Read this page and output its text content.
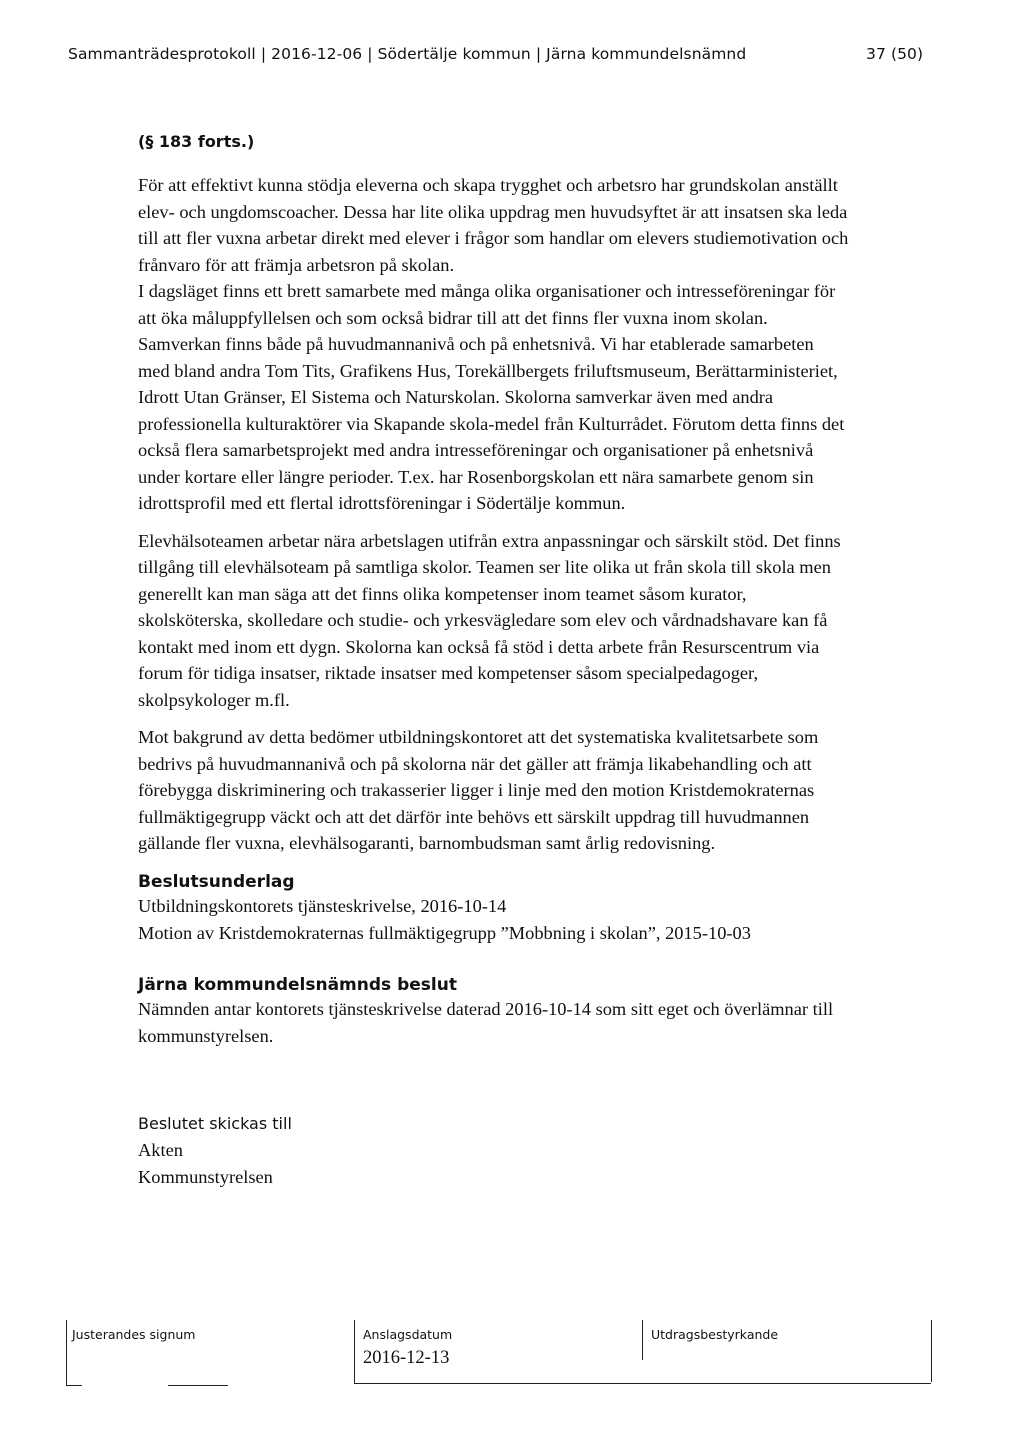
Sammanträdesprotokoll | 2016-12-06 | Södertälje kommun | Järna kommundelsnämnd	37 (50)
(§ 183 forts.)

För att effektivt kunna stödja eleverna och skapa trygghet och arbetsro har grundskolan anställt

elev- och ungdomscoacher. Dessa har lite olika uppdrag men huvudsyftet är att insatsen ska leda

till att fler vuxna arbetar direkt med elever i frågor som handlar om elevers studiemotivation och

frånvaro för att främja arbetsron på skolan.

I dagsläget finns ett brett samarbete med många olika organisationer och intresseföreningar för

att öka måluppfyllelsen och som också bidrar till att det finns fler vuxna inom skolan.

Samverkan finns både på huvudmannanivå och på enhetsnivå. Vi har etablerade samarbeten

med bland andra Tom Tits, Grafikens Hus, Torekällbergets friluftsmuseum, Berättarministeriet,

Idrott Utan Gränser, El Sistema och Naturskolan. Skolorna samverkar även med andra

professionella kulturaktörer via Skapande skola-medel från Kulturrådet. Förutom detta finns det

också flera samarbetsprojekt med andra intresseföreningar och organisationer på enhetsnivå

under kortare eller längre perioder. T.ex. har Rosenborgskolan ett nära samarbete genom sin

idrottsprofil med ett flertal idrottsföreningar i Södertälje kommun.

Elevhälsoteamen arbetar nära arbetslagen utifrån extra anpassningar och särskilt stöd. Det finns

tillgång till elevhälsoteam på samtliga skolor. Teamen ser lite olika ut från skola till skola men

generellt kan man säga att det finns olika kompetenser inom teamet såsom kurator,

skolsköterska, skolledare och studie- och yrkesvägledare som elev och vårdnadshavare kan få

kontakt med inom ett dygn. Skolorna kan också få stöd i detta arbete från Resurscentrum via

forum för tidiga insatser, riktade insatser med kompetenser såsom specialpedagoger,

skolpsykologer m.fl.

Mot bakgrund av detta bedömer utbildningskontoret att det systematiska kvalitetsarbete som

bedrivs på huvudmannanivå och på skolorna när det gäller att främja likabehandling och att

förebygga diskriminering och trakasserier ligger i linje med den motion Kristdemokraternas

fullmäktigegrupp väckt och att det därför inte behövs ett särskilt uppdrag till huvudmannen

gällande fler vuxna, elevhälsogaranti, barnombudsman samt årlig redovisning.

Beslutsunderlag

Utbildningskontorets tjänsteskrivelse, 2016-10-14

Motion av Kristdemokraternas fullmäktigegrupp ”Mobbning i skolan”, 2015-10-03

Järna kommundelsnämnds beslut

Nämnden antar kontorets tjänsteskrivelse daterad 2016-10-14 som sitt eget och överlämnar till

kommunstyrelsen.

Beslutet skickas till

Akten

Kommunstyrelsen

Justerandes signum	Anslagsdatum
2016-12-13
Utdragsbestyrkande
